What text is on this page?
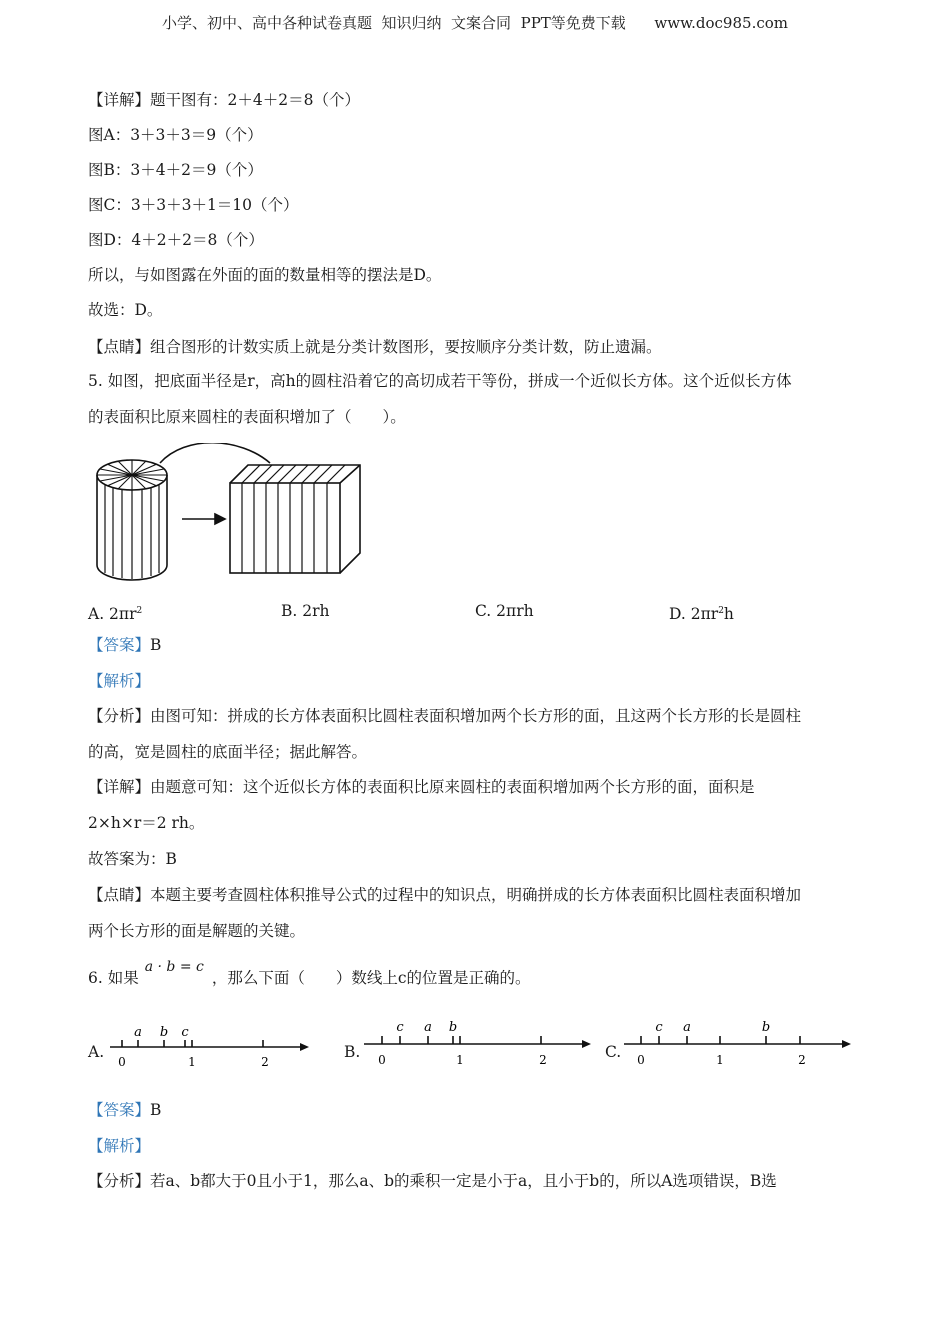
小学、初中、高中各种试卷真题  知识归纳  文案合同  PPT等免费下载      www.doc985.com
【详解】题干图有：2＋4＋2＝8（个）
图A：3＋3＋3＝9（个）
图B：3＋4＋2＝9（个）
图C：3＋3＋3＋1＝10（个）
图D：4＋2＋2＝8（个）
所以，与如图露在外面的面的数量相等的摆法是D。
故选：D。
【点睛】组合图形的计数实质上就是分类计数图形，要按顺序分类计数，防止遗漏。
5. 如图，把底面半径是r，高h的圆柱沿着它的高切成若干等份，拼成一个近似长方体。这个近似长方体
的表面积比原来圆柱的表面积增加了（　　）。
A. $2\pi r^2$	B. 2rh	C. 2πrh	D. $2\pi r^2h$
【答案】B
【解析】
【分析】由图可知：拼成的长方体表面积比圆柱表面积增加两个长方形的面，且这两个长方形的长是圆柱
的高，宽是圆柱的底面半径；据此解答。
【详解】由题意可知：这个近似长方体的表面积比原来圆柱的表面积增加两个长方形的面，面积是
2×h×r＝2 rh。
故答案为：B
【点睛】本题主要考查圆柱体积推导公式的过程中的知识点，明确拼成的长方体表面积比圆柱表面积增加
两个长方形的面是解题的关键。
6. 如果a · b = c，那么下面（　　）数线上c的位置是正确的。
A.
a b c
0	1	2
B.
c a b
0	1	2	C.
c a	b
0	1	2
【答案】B
【解析】
【分析】若a、b都大于0且小于1，那么a、b的乘积一定是小于a，且小于b的，所以A选项错误，B选
